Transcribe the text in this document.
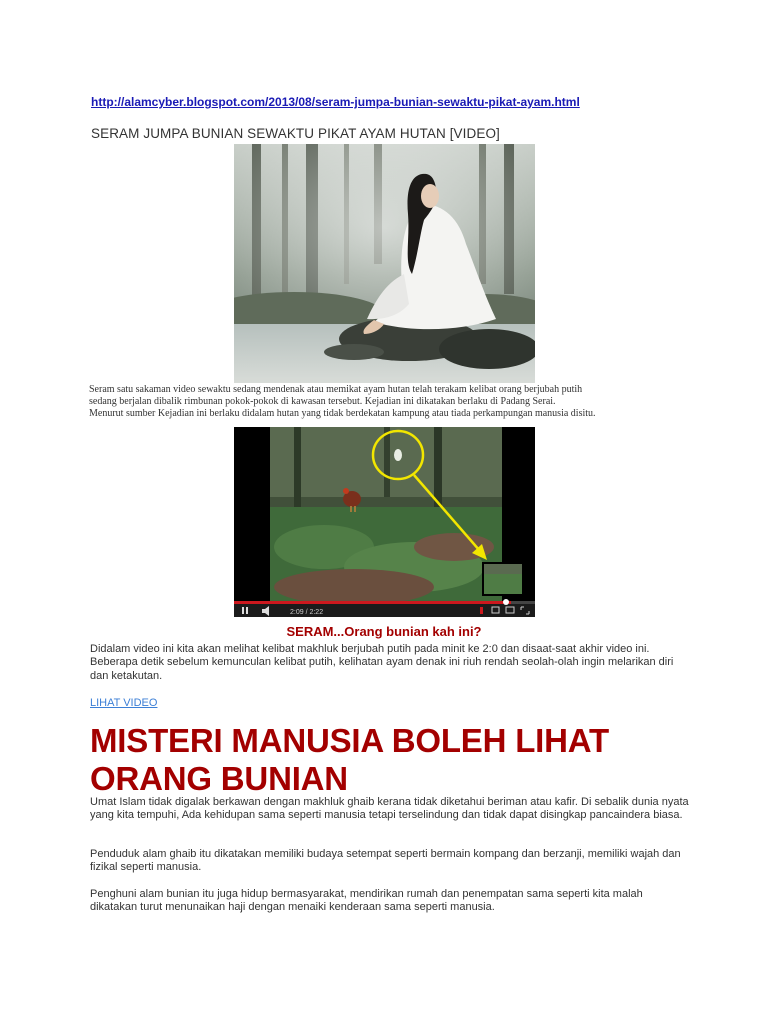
http://alamcyber.blogspot.com/2013/08/seram-jumpa-bunian-sewaktu-pikat-ayam.html
SERAM JUMPA BUNIAN SEWAKTU PIKAT AYAM HUTAN [VIDEO]
Seram satu sakaman video sewaktu sedang mendenak atau memikat ayam hutan telah terakam kelibat orang berjubah putih
sedang berjalan dibalik rimbunan pokok-pokok di kawasan tersebut. Kejadian ini dikatakan berlaku di Padang Serai.
Menurut sumber Kejadian ini berlaku didalam hutan yang tidak berdekatan kampung atau tiada perkampungan manusia disitu.
2:09 / 2:22
SERAM...Orang bunian kah ini?
Didalam video ini kita akan melihat kelibat makhluk berjubah putih pada minit ke 2:0 dan disaat-saat akhir video ini. Beberapa detik sebelum kemunculan kelibat putih, kelihatan ayam denak ini riuh rendah seolah-olah ingin melarikan diri dan ketakutan.
LIHAT VIDEO
MISTERI MANUSIA BOLEH LIHAT ORANG BUNIAN
Umat Islam tidak digalak berkawan dengan makhluk ghaib kerana tidak diketahui beriman atau kafir. Di sebalik dunia nyata yang kita tempuhi, Ada kehidupan sama seperti manusia tetapi terselindung dan tidak dapat disingkap pancaindera biasa.
Penduduk alam ghaib itu dikatakan memiliki budaya setempat seperti bermain kompang dan berzanji, memiliki wajah dan fizikal seperti manusia.
Penghuni alam bunian itu juga hidup bermasyarakat, mendirikan rumah dan penempatan sama seperti kita malah dikatakan turut menunaikan haji dengan menaiki kenderaan sama seperti manusia.
